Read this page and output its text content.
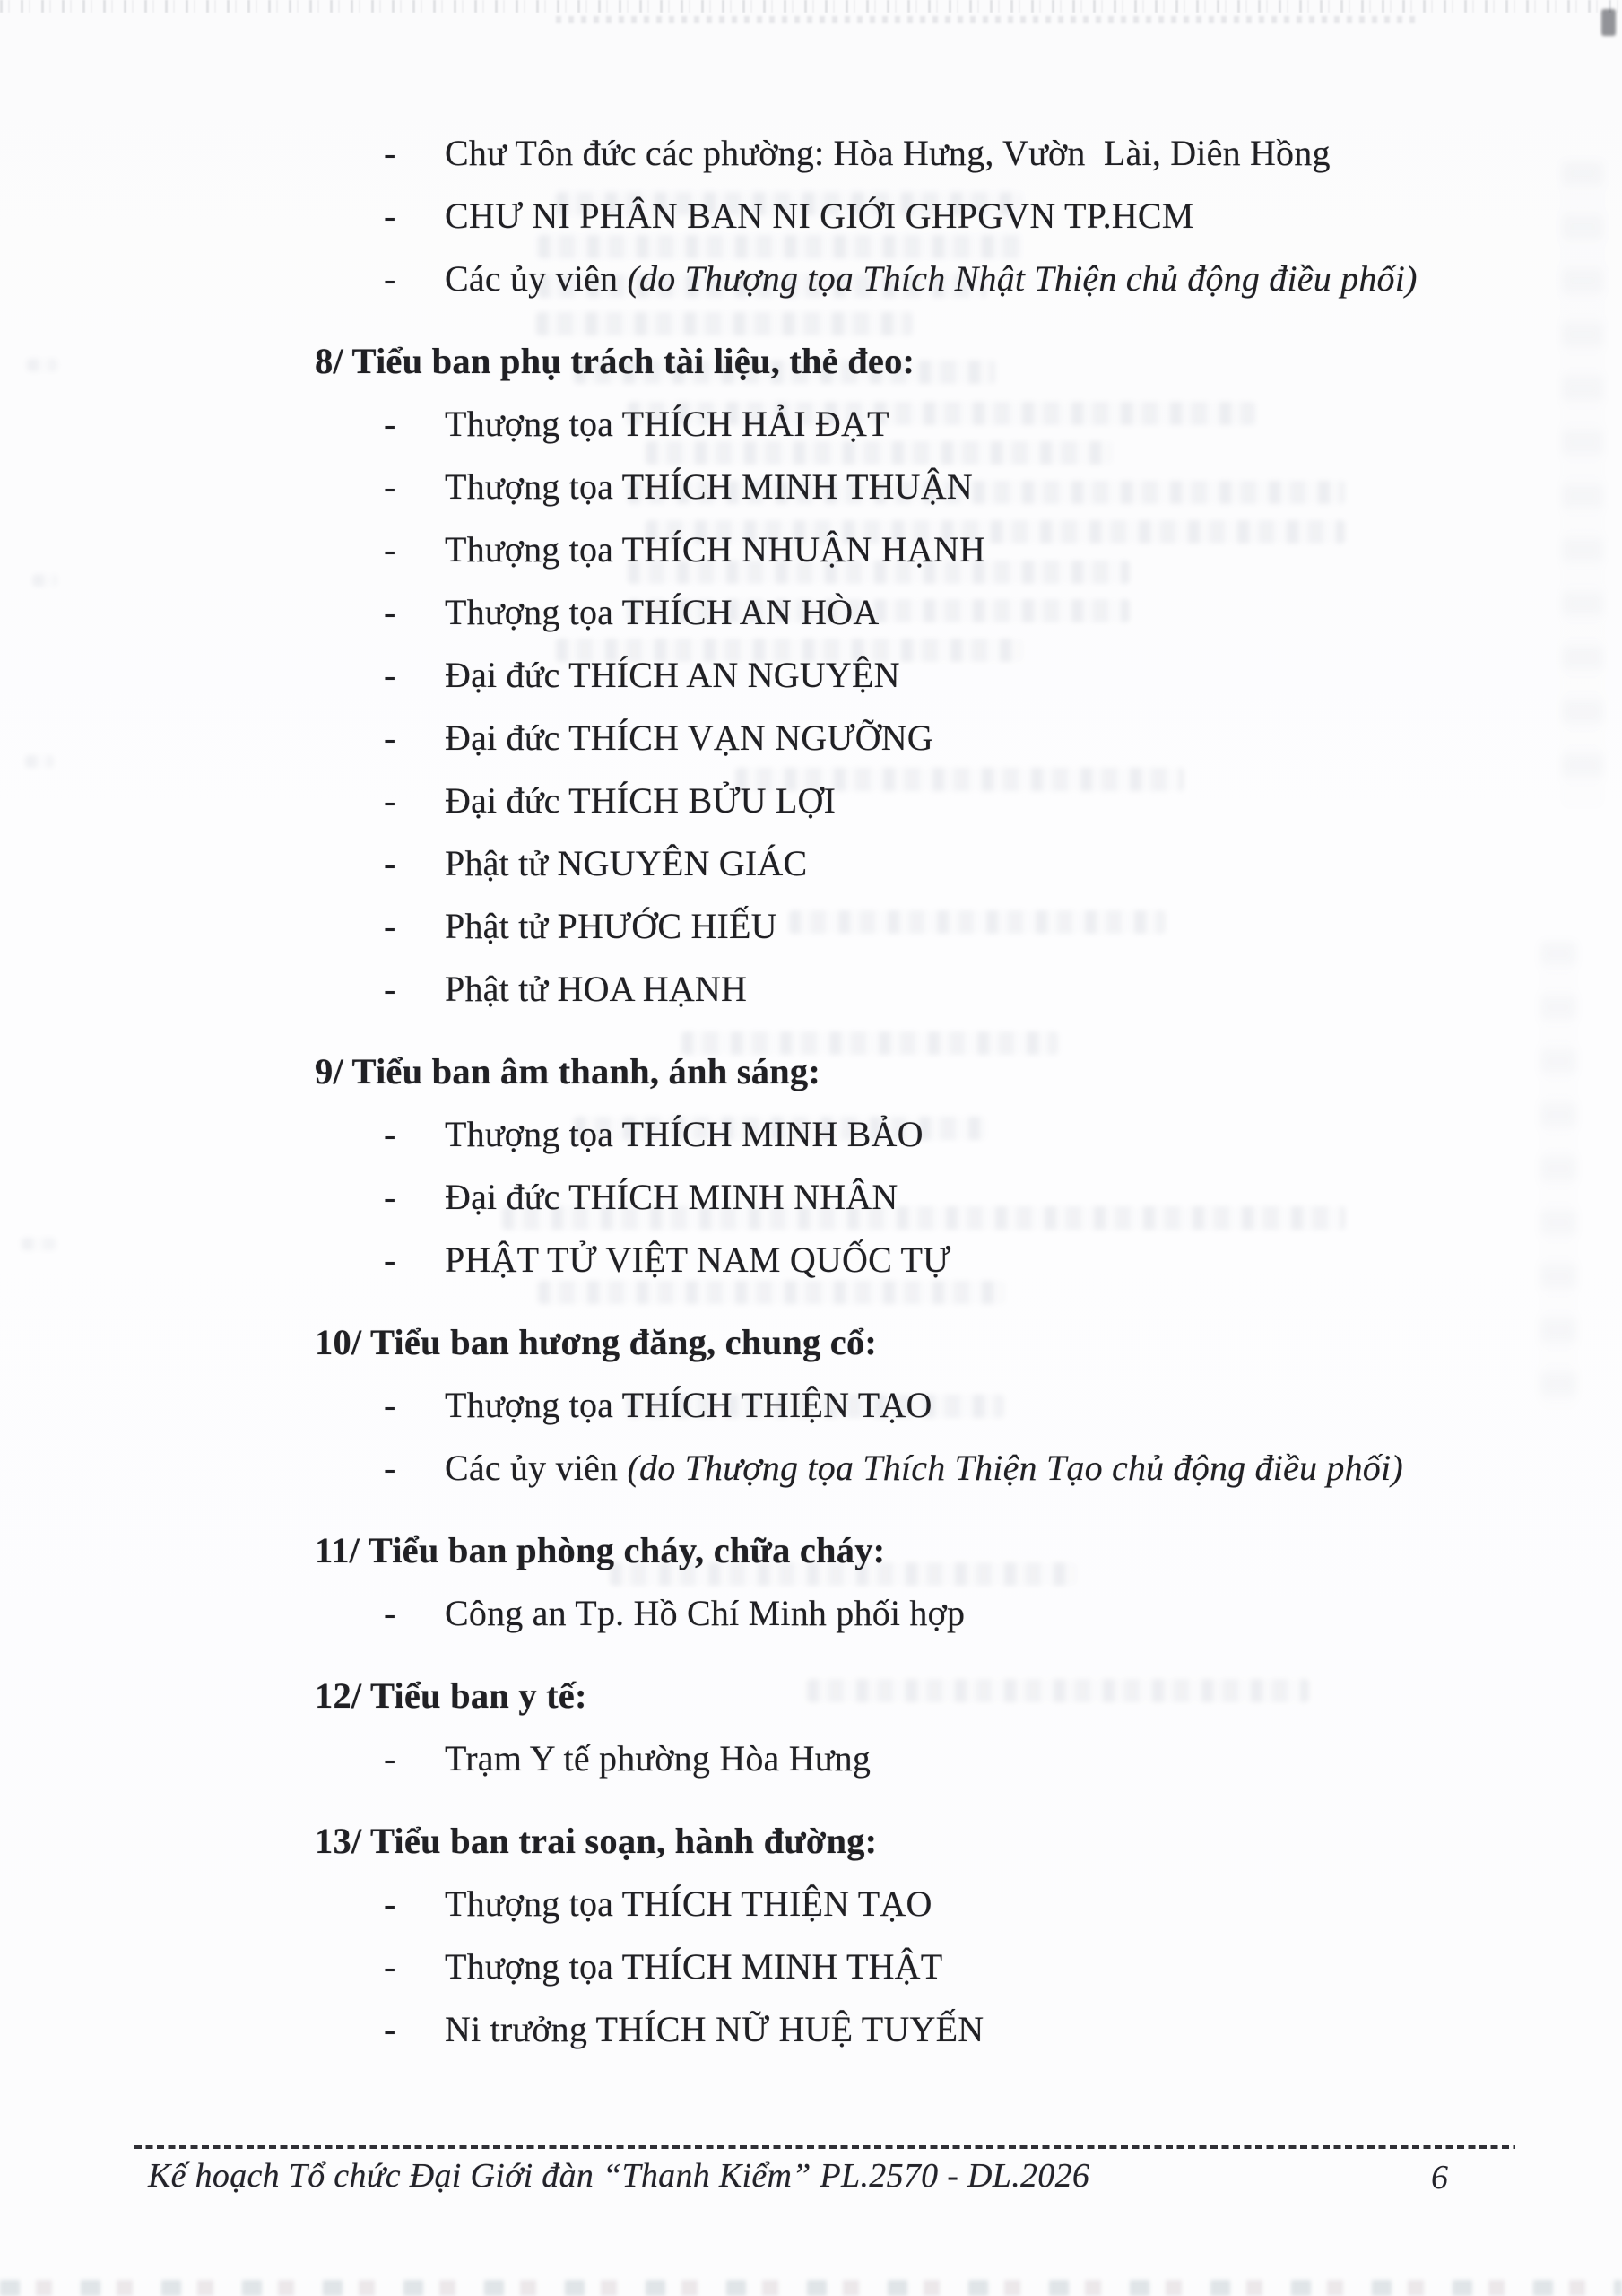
-	Chư Tôn đức các phường: Hòa Hưng, Vườn  Lài, Diên Hồng
-	CHƯ NI PHÂN BAN NI GIỚI GHPGVN TP.HCM
-	Các ủy viên (do Thượng tọa Thích Nhật Thiện chủ động điều phối)
8/ Tiểu ban phụ trách tài liệu, thẻ đeo:
-	Thượng tọa THÍCH HẢI ĐẠT
-	Thượng tọa THÍCH MINH THUẬN
-	Thượng tọa THÍCH NHUẬN HẠNH
-	Thượng tọa THÍCH AN HÒA
-	Đại đức THÍCH AN NGUYỆN
-	Đại đức THÍCH VẠN NGƯỠNG
-	Đại đức THÍCH BỬU LỢI
-	Phật tử NGUYÊN GIÁC
-	Phật tử PHƯỚC HIẾU
-	Phật tử HOA HẠNH
9/ Tiểu ban âm thanh, ánh sáng:
-	Thượng tọa THÍCH MINH BẢO
-	Đại đức THÍCH MINH NHÂN
-	PHẬT TỬ VIỆT NAM QUỐC TỰ
10/ Tiểu ban hương đăng, chung cổ:
-	Thượng tọa THÍCH THIỆN TẠO
-	Các ủy viên (do Thượng tọa Thích Thiện Tạo chủ động điều phối)
11/ Tiểu ban phòng cháy, chữa cháy:
-	Công an Tp. Hồ Chí Minh phối hợp
12/ Tiểu ban y tế:
-	Trạm Y tế phường Hòa Hưng
13/ Tiểu ban trai soạn, hành đường:
-	Thượng tọa THÍCH THIỆN TẠO
-	Thượng tọa THÍCH MINH THẬT
-	Ni trưởng THÍCH NỮ HUỆ TUYẾN
Kế hoạch Tổ chức Đại Giới đàn “Thanh Kiểm” PL.2570 - DL.2026	6
